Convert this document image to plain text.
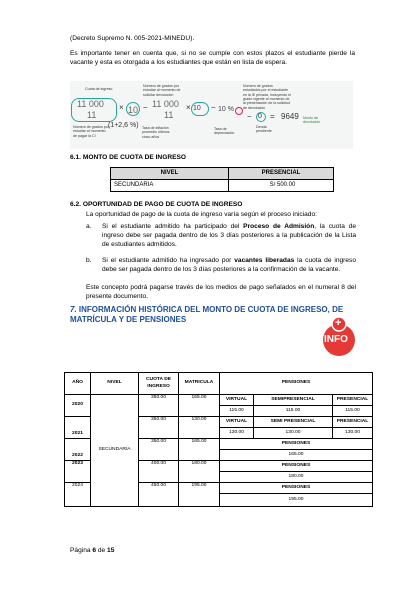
(Decreto Supremo N. 005-2021-MINEDU).
Es importante tener en cuenta que, si no se cumple con estos plazos el estudiante pierde la vacante y esta es otorgada a los estudiantes que están en lista de espera.
Cuota de ingreso
11 000
11
× 10
Número de grados por estudiar al momento de solicitar devolución
− 11 000
11
× 10 − 10 %
Número de grados estudiados por el estudiante en la IE privada, incluyendo el grado vigente al momento de la presentación de la solicitud de devolución
Número de grados por estudiar al momento de pagar la CI
(1+2,6 %) Tasa de inflación promedio últimos cinco años
Tasa de depreciación
− 0 = 9649 Monto de devolución
Deuda pendiente
6.1. MONTO DE CUOTA DE INGRESO
NIVEL	PRESENCIAL
SECUNDARIA	S/ 500.00
6.2. OPORTUNIDAD DE PAGO DE CUOTA DE INGRESO
La oportunidad de pago de la cuota de ingreso varía según el proceso iniciado:
a. Si el estudiante admitido ha participado del Proceso de Admisión, la cuota de ingreso debe ser pagada dentro de los 3 días posteriores a la publicación de la Lista de estudiantes admitidos.
b. Si el estudiante admitido ha ingresado por vacantes liberadas la cuota de ingreso debe ser pagada dentro de los 3 días posteriores a la confirmación de la vacante.
Este concepto podrá pagarse través de los medios de pago señalados en el numeral 8 del presente documento.
7. INFORMACIÓN HISTÓRICA DEL MONTO DE CUOTA DE INGRESO, DE MATRÍCULA Y DE PENSIONES	+
INFO
AÑO	NIVEL	CUOTA DE INGRESO	MATRICULA	PENSIONES		
2020	SECUNDARIA	350.00	165.00	VIRTUAL	SEMIPRESENCIAL	PRESENCIAL
				115.00	115.00	115.00
2021		350.00	130.00	VIRTUAL	SEMI PRESENCIAL	PRESENCIAL
				130.00	130.00	130.00
2022		350.00	165.00	PENSIONES		
				165.00		
2023		400.00	180.00	PENSIONES		
				180.00		
2024		450.00	195.00	PENSIONES		
				195.00		
Página 6 de 15
